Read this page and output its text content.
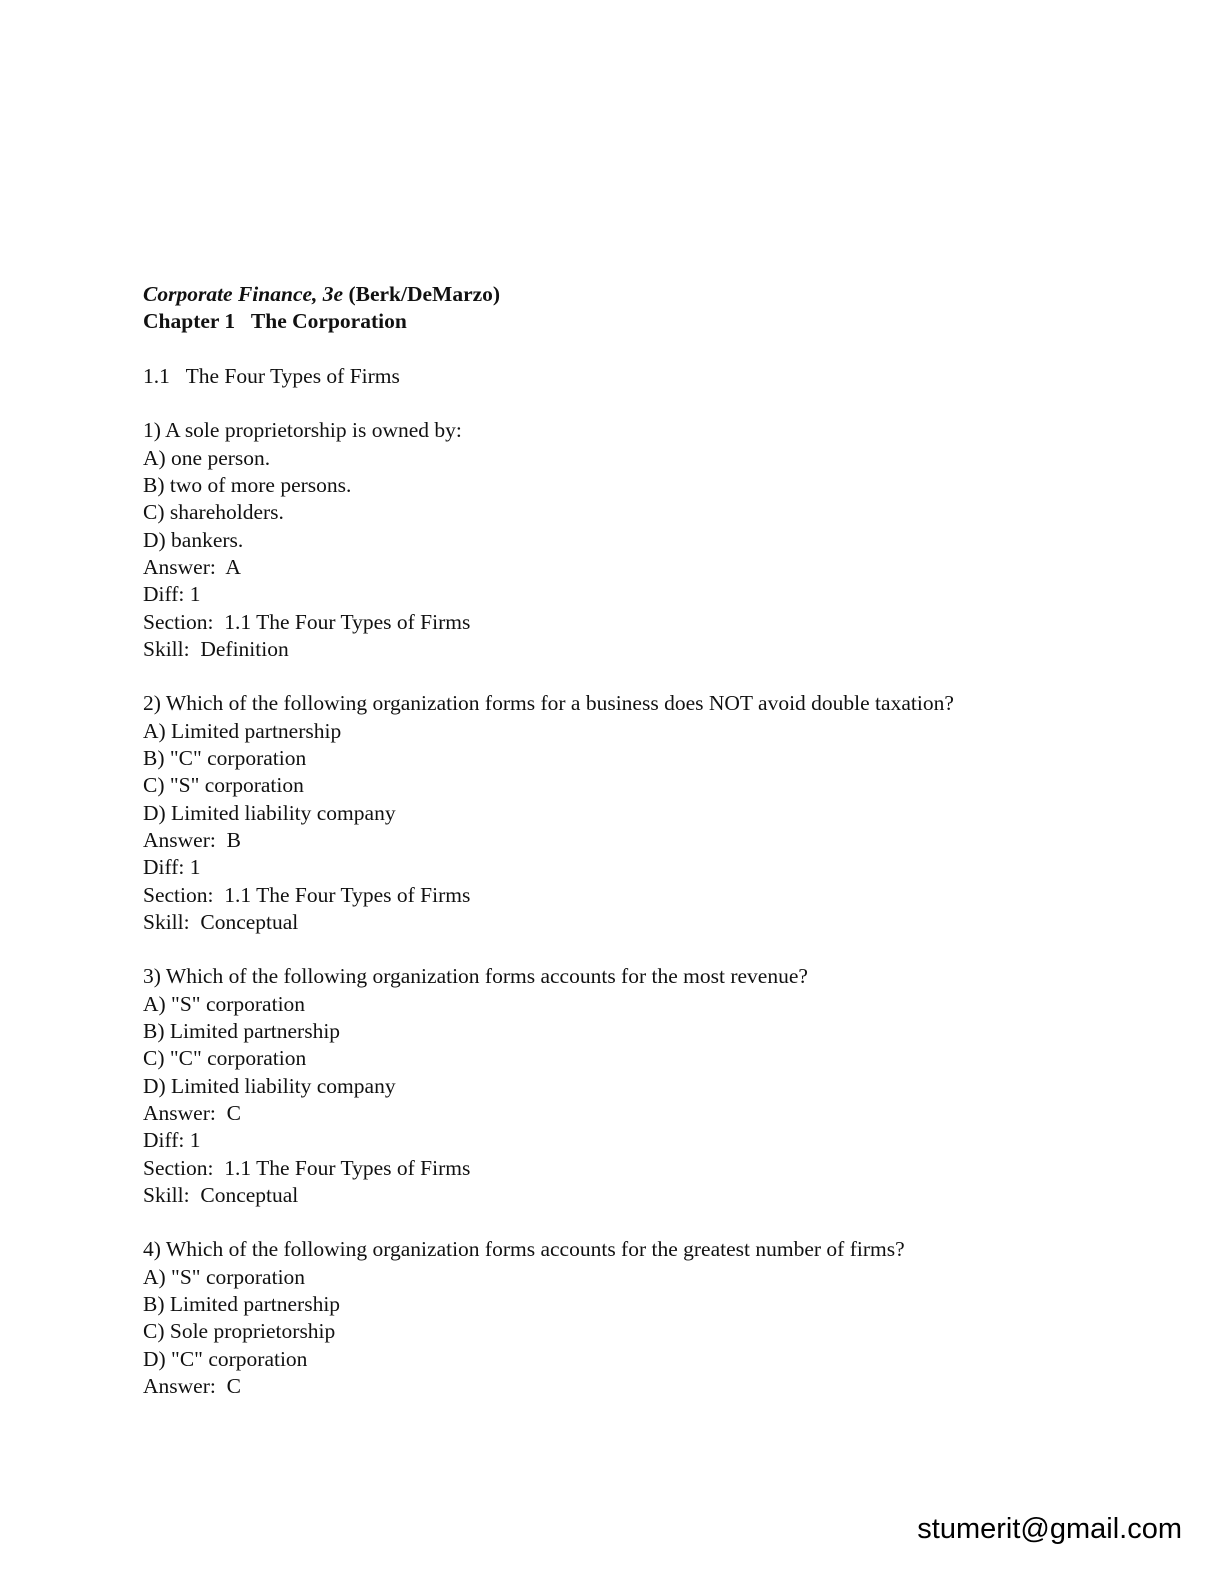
Corporate Finance, 3e (Berk/DeMarzo)
Chapter 1   The Corporation
1.1   The Four Types of Firms
1) A sole proprietorship is owned by:
A) one person.
B) two of more persons.
C) shareholders.
D) bankers.
Answer:  A
Diff: 1
Section:  1.1 The Four Types of Firms
Skill:  Definition
2) Which of the following organization forms for a business does NOT avoid double taxation?
A) Limited partnership
B) "C" corporation
C) "S" corporation
D) Limited liability company
Answer:  B
Diff: 1
Section:  1.1 The Four Types of Firms
Skill:  Conceptual
3) Which of the following organization forms accounts for the most revenue?
A) "S" corporation
B) Limited partnership
C) "C" corporation
D) Limited liability company
Answer:  C
Diff: 1
Section:  1.1 The Four Types of Firms
Skill:  Conceptual
4) Which of the following organization forms accounts for the greatest number of firms?
A) "S" corporation
B) Limited partnership
C) Sole proprietorship
D) "C" corporation
Answer:  C
stumerit@gmail.com
